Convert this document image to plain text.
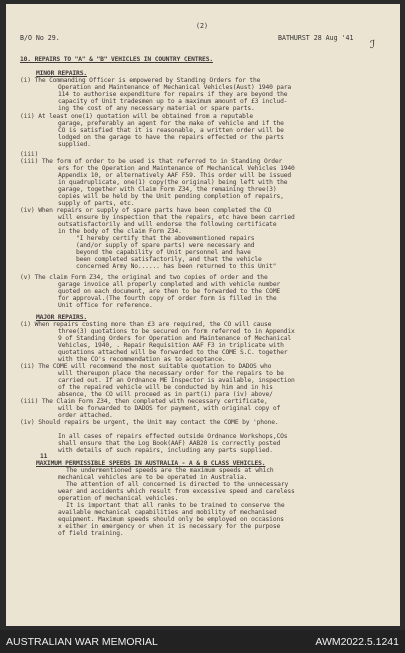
(2)
B/O No 29.	BATHURST 28 Aug '41 ℐ
10. REPAIRS TO "A" & "B" VEHICLES IN COUNTRY CENTRES.
MINOR REPAIRS.
(i) The Commanding Officer is empowered by Standing Orders for the
Operation and Maintenance of Mechanical Vehicles(Aust) 1940 para
114 to authorise expenditure for repairs if they are beyond the
capacity of Unit tradesmen up to a maximum amount of £3 includ-
ing the cost of any necessary material or spare parts.
(ii) At least one(1) quotation will be obtained from a reputable
garage, preferably an agent for the make of vehicle and if the
CO is satisfied that it is reasonable, a written order will be
lodged on the garage to have the repairs effected or the parts
supplied.
(iii)
(iii) The form of order to be used is that referred to in Standing Order
ers for the Operation and Maintenance of Mechanical Vehicles 1940
Appendix 10, or alternatively AAF F59. This order will be issued
in quadruplicate, one(1) copy(the original) being left with the
garage, together with Claim Form Z34, the remaining three(3)
copies will be held by the Unit pending completion of repairs,
supply of parts, etc.
(iv) When repairs or supply of spare parts have been completed the CO
will ensure by inspection that the repairs, etc have been carried
outsatisfactorily and will endorse the following certificate
in the body of the claim Form Z34.
"I hereby certify that the abovementioned repairs
(and/or supply of spare parts) were necessary and
beyond the capability of Unit personnel and have
been completed satisfactorily, and that the vehicle
concerned Army No...... has been returned to this Unit"
(v) The claim Form Z34, the original and two copies of order and the
garage invoice all properly completed and with vehicle number
quoted on each document, are then to be forwarded to the COME
for approval.(The fourth copy of order form is filled in the
Unit office for reference.
MAJOR REPAIRS.
(i) When repairs costing more than £3 are required, the CO will cause
three(3) quotations to be secured on form referred to in Appendix
9 of Standing Orders for Operation and Maintenance of Mechanical
Vehicles, 1940, . Repair Requisition AAF F3 in triplicate with
quotations attached will be forwarded to the COME S.C. together
with the CO's recommendation as to acceptance.
(ii) The COME will recommend the most suitable quotation to DADOS who
will thereupon place the necessary order for the repairs to be
carried out. If an Ordnance ME Inspector is available, inspection
of the repaired vehicle will be conducted by him and in his
absence, the CO will proceed as in part(i) para (iv) above/
(iii) The Claim Form Z34, then completed with necessary certificate,
will be forwarded to DADOS for payment, with original copy of
order attached.
(iv) Should repairs be urgent, the Unit may contact the COME by 'phone.
In all cases of repairs effected outside Ordnance Workshops,COs
shall ensure that the Log Book(AAF) AAB20 is correctly posted
with details of such repairs, including any parts supplied.
11
MAXIMUM PERMISSIBLE SPEEDS IN AUSTRALIA - A & B CLASS VEHICLES.
The undermentioned speeds are the maximum speeds at which
mechanical vehicles are to be operated in Australia.
The attention of all concerned is directed to the unnecessary
wear and accidents which result from excessive speed and careless
operation of mechanical vehicles.
It is important that all ranks to be trained to conserve the
available mechanical capabilities and mobility of mechanised
equipment. Maximum speeds should only be employed on occasions
x either in emergency or when it is necessary for the purpose
of field training.
AUSTRALIAN WAR MEMORIAL	AWM2022.5.1241
